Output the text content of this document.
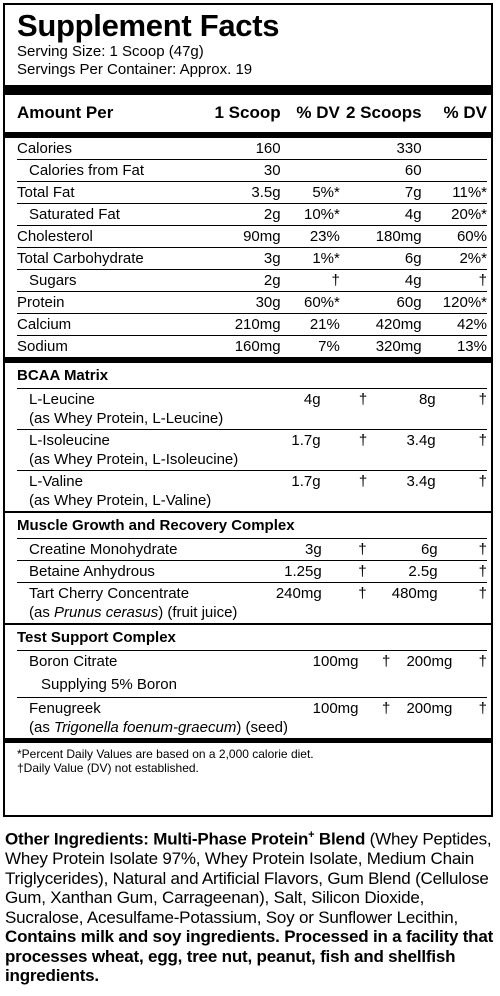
Supplement Facts
Serving Size: 1 Scoop (47g)
Servings Per Container: Approx. 19
Amount Per	1 Scoop	% DV	2 Scoops	% DV
Calories	160		330	
Calories from Fat	30		60	
Total Fat	3.5g	5%*	7g	11%*
Saturated Fat	2g	10%*	4g	20%*
Cholesterol	90mg	23%	180mg	60%
Total Carbohydrate	3g	1%*	6g	2%*
Sugars	2g	†	4g	†
Protein	30g	60%*	60g	120%*
Calcium	210mg	21%	420mg	42%
Sodium	160mg	7%	320mg	13%
BCAA Matrix				

L-Leucine
(as Whey Protein, L-Leucine)	4g	†	8g	†

L-Isoleucine
(as Whey Protein, L-Isoleucine)	1.7g	†	3.4g	†

L-Valine
(as Whey Protein, L-Valine)	1.7g	†	3.4g	†
Muscle Growth and Recovery Complex				
Creatine Monohydrate	3g	†	6g	†
Betaine Anhydrous	1.25g	†	2.5g	†

Tart Cherry Concentrate
(as Prunus cerasus) (fruit juice)	240mg	†	480mg	†
Test Support Complex				
Boron Citrate	100mg	†	200mg	†
Supplying 5% Boron				

Fenugreek
(as Trigonella foenum-graecum) (seed)	100mg	†	200mg	†
*Percent Daily Values are based on a 2,000 calorie diet.
†Daily Value (DV) not established.
Other Ingredients: Multi-Phase Protein+ Blend (Whey Peptides, Whey Protein Isolate 97%, Whey Protein Isolate, Medium Chain Triglycerides), Natural and Artificial Flavors, Gum Blend (Cellulose Gum, Xanthan Gum, Carrageenan), Salt, Silicon Dioxide, Sucralose, Acesulfame-Potassium, Soy or Sunflower Lecithin, Contains milk and soy ingredients. Processed in a facility that processes wheat, egg, tree nut, peanut, fish and shellfish ingredients.
